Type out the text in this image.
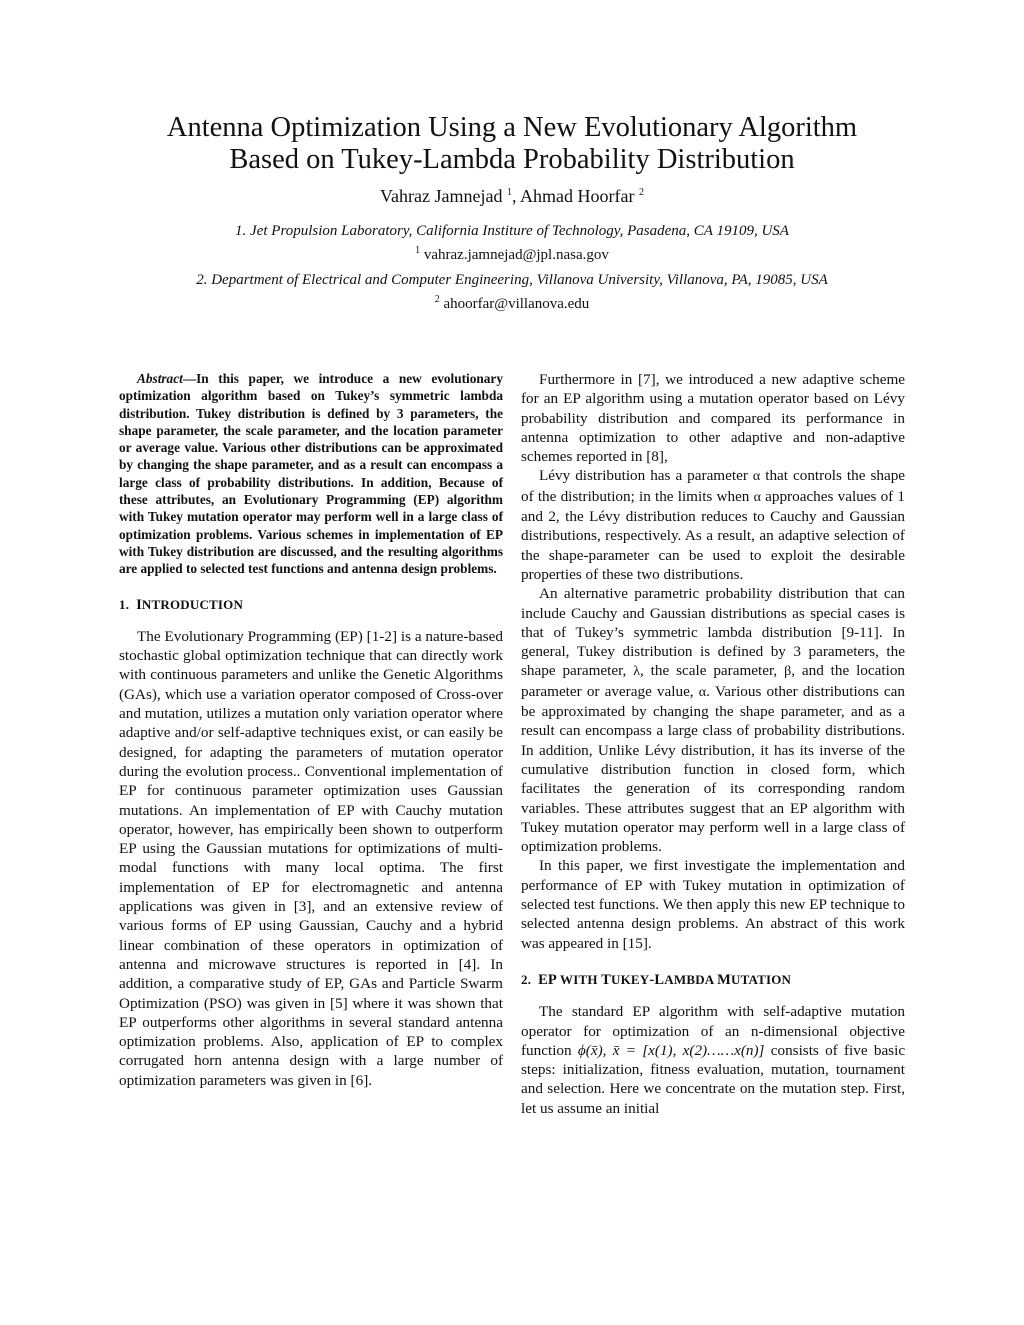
Antenna Optimization Using a New Evolutionary Algorithm
Based on Tukey-Lambda Probability Distribution
Vahraz Jamnejad $^1$, Ahmad Hoorfar $^2$
1. Jet Propulsion Laboratory, California Institure of Technology, Pasadena, CA 19109, USA
$^1$ vahraz.jamnejad@jpl.nasa.gov
2. Department of Electrical and Computer Engineering, Villanova University, Villanova, PA, 19085, USA
$^2$ ahoorfar@villanova.edu

Abstract—In this paper, we introduce a new evolutionary optimization algorithm based on Tukey’s symmetric lambda distribution. Tukey distribution is defined by 3 parameters, the shape parameter, the scale parameter, and the location parameter or average value. Various other distributions can be approximated by changing the shape parameter, and as a result can encompass a large class of probability distributions. In addition, Because of these attributes, an Evolutionary Programming (EP) algorithm with Tukey mutation operator may perform well in a large class of optimization problems. Various schemes in implementation of EP with Tukey distribution are discussed, and the resulting algorithms are applied to selected test functions and antenna design problems.

1. INTRODUCTION

The Evolutionary Programming (EP) [1-2] is a nature-based stochastic global optimization technique that can directly work with continuous parameters and unlike the Genetic Algorithms (GAs), which use a variation operator composed of Cross-over and mutation, utilizes a mutation only variation operator where adaptive and/or self-adaptive techniques exist, or can easily be designed, for adapting the parameters of mutation operator during the evolution process.. Conventional implementation of EP for continuous parameter optimization uses Gaussian mutations. An implementation of EP with Cauchy mutation operator, however, has empirically been shown to outperform EP using the Gaussian mutations for optimizations of multi-modal functions with many local optima. The first implementation of EP for electromagnetic and antenna applications was given in [3], and an extensive review of various forms of EP using Gaussian, Cauchy and a hybrid linear combination of these operators in optimization of antenna and microwave structures is reported in [4]. In addition, a comparative study of EP, GAs and Particle Swarm Optimization (PSO) was given in [5] where it was shown that EP outperforms other algorithms in several standard antenna optimization problems. Also, application of EP to complex corrugated horn antenna design with a large number of optimization parameters was given in [6].

Furthermore in [7], we introduced a new adaptive scheme for an EP algorithm using a mutation operator based on Lévy probability distribution and compared its performance in antenna optimization to other adaptive and non-adaptive schemes reported in [8],

Lévy distribution has a parameter α that controls the shape of the distribution; in the limits when α approaches values of 1 and 2, the Lévy distribution reduces to Cauchy and Gaussian distributions, respectively. As a result, an adaptive selection of the shape-parameter can be used to exploit the desirable properties of these two distributions.

An alternative parametric probability distribution that can include Cauchy and Gaussian distributions as special cases is that of Tukey’s symmetric lambda distribution [9-11]. In general, Tukey distribution is defined by 3 parameters, the shape parameter, λ, the scale parameter, β, and the location parameter or average value, α. Various other distributions can be approximated by changing the shape parameter, and as a result can encompass a large class of probability distributions. In addition, Unlike Lévy distribution, it has its inverse of the cumulative distribution function in closed form, which facilitates the generation of its corresponding random variables. These attributes suggest that an EP algorithm with Tukey mutation operator may perform well in a large class of optimization problems.

In this paper, we first investigate the implementation and performance of EP with Tukey mutation in optimization of selected test functions. We then apply this new EP technique to selected antenna design problems. An abstract of this work was appeared in [15].

2. EP WITH TUKEY-LAMBDA MUTATION

The standard EP algorithm with self-adaptive mutation operator for optimization of an n-dimensional objective function ϕ(x̄), x̄ = [x(1), x(2)……x(n)] consists of five basic steps: initialization, fitness evaluation, mutation, tournament and selection. Here we concentrate on the mutation step. First, let us assume an initial
